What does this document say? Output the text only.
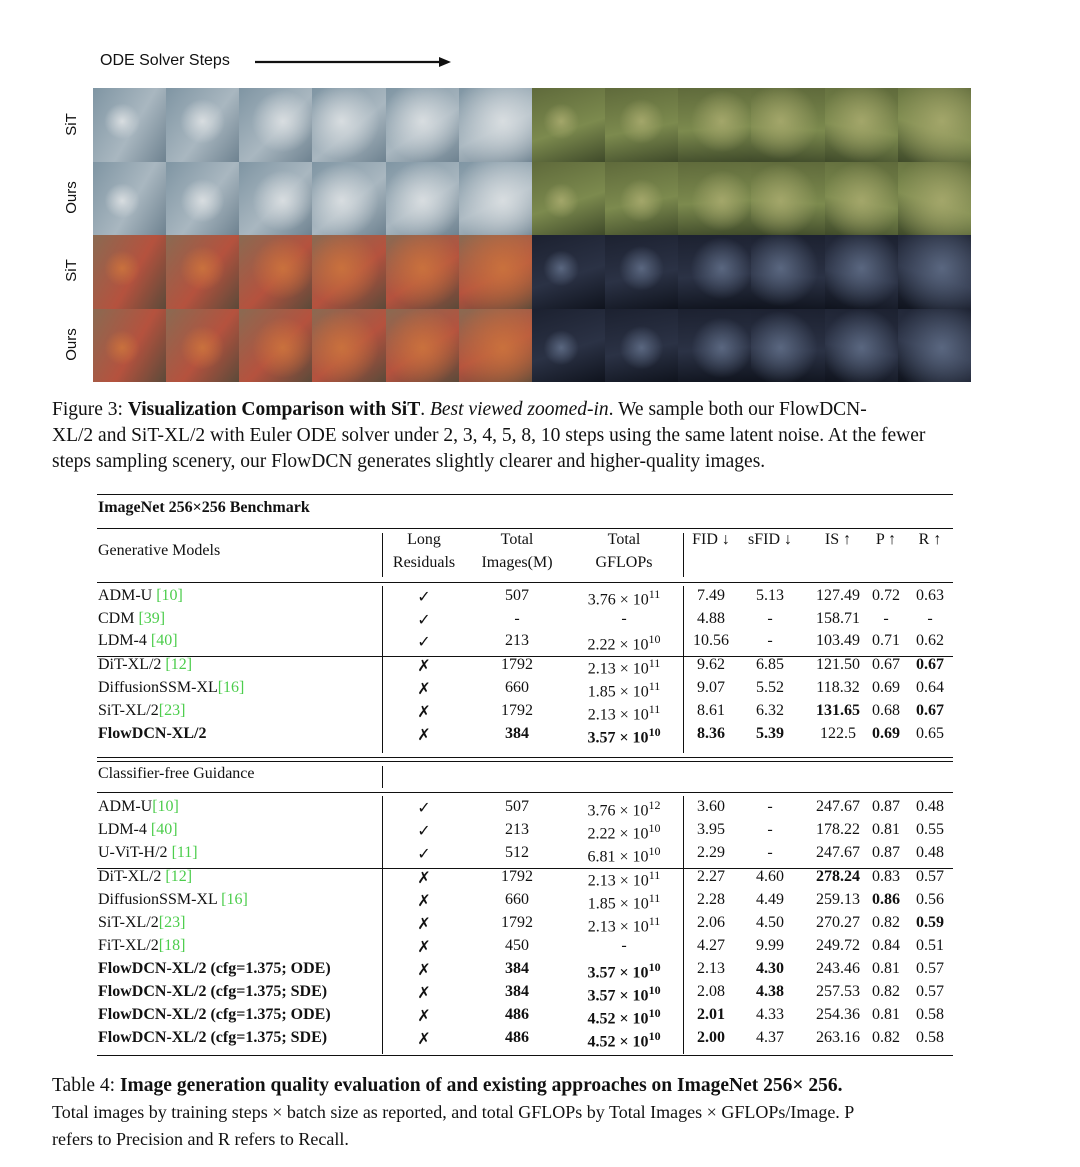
ODE Solver Steps
SiT
Ours
SiT
Ours
Figure 3: Visualization Comparison with SiT. Best viewed zoomed-in. We sample both our FlowDCN-
XL/2 and SiT-XL/2 with Euler ODE solver under 2, 3, 4, 5, 8, 10 steps using the same latent noise. At the fewer
steps sampling scenery, our FlowDCN generates slightly clearer and higher-quality images.
ImageNet 256×256 Benchmark
Generative Models
Long
Residuals
Total
Images(M)
Total
GFLOPs
FID ↓	sFID ↓	IS ↑	P ↑	R ↑
ADM-U [10]	✓	507	$3.76 \times 10^{11}$	7.49	5.13	127.49 0.72	0.63
CDM [39]	✓	-	-	4.88	-	158.71	-	-
LDM-4 [40]	✓	213	$2.22 \times 10^{10}$	10.56	-	103.49 0.71	0.62
DiT-XL/2 [12]	✗	1792	$2.13 \times 10^{11}$	9.62	6.85	121.50 0.67	0.67
DiffusionSSM-XL[16]	✗	660	$1.85 \times 10^{11}$	9.07	5.52	118.32 0.69	0.64
SiT-XL/2[23]	✗	1792	$2.13 \times 10^{11}$	8.61	6.32	131.65 0.68	0.67
FlowDCN-XL/2	✗	384	$3.57 \times 10^{10}$	8.36	5.39	122.5	0.69	0.65
Classifier-free Guidance
ADM-U[10]	✓	507	$3.76 \times 10^{12}$	3.60	-	247.67 0.87	0.48
LDM-4 [40]	✓	213	$2.22 \times 10^{10}$	3.95	-	178.22 0.81	0.55
U-ViT-H/2 [11]	✓	512	$6.81 \times 10^{10}$	2.29	-	247.67 0.87	0.48
DiT-XL/2 [12]	✗	1792	$2.13 \times 10^{11}$	2.27	4.60	278.24 0.83	0.57
DiffusionSSM-XL [16]	✗	660	$1.85 \times 10^{11}$	2.28	4.49	259.13 0.86	0.56
SiT-XL/2[23]	✗	1792	$2.13 \times 10^{11}$	2.06	4.50	270.27 0.82	0.59
FiT-XL/2[18]	✗	450	-	4.27	9.99	249.72 0.84	0.51
FlowDCN-XL/2 (cfg=1.375; ODE)	✗	384	$3.57 \times 10^{10}$	2.13	4.30	243.46 0.81	0.57
FlowDCN-XL/2 (cfg=1.375; SDE)	✗	384	$3.57 \times 10^{10}$	2.08	4.38	257.53 0.82	0.57
FlowDCN-XL/2 (cfg=1.375; ODE)	✗	486	$4.52 \times 10^{10}$	2.01	4.33	254.36 0.81	0.58
FlowDCN-XL/2 (cfg=1.375; SDE)	✗	486	$4.52 \times 10^{10}$	2.00	4.37	263.16 0.82	0.58
Table 4: Image generation quality evaluation of and existing approaches on ImageNet 256× 256.
Total images by training steps × batch size as reported, and total GFLOPs by Total Images × GFLOPs/Image. P
refers to Precision and R refers to Recall.
